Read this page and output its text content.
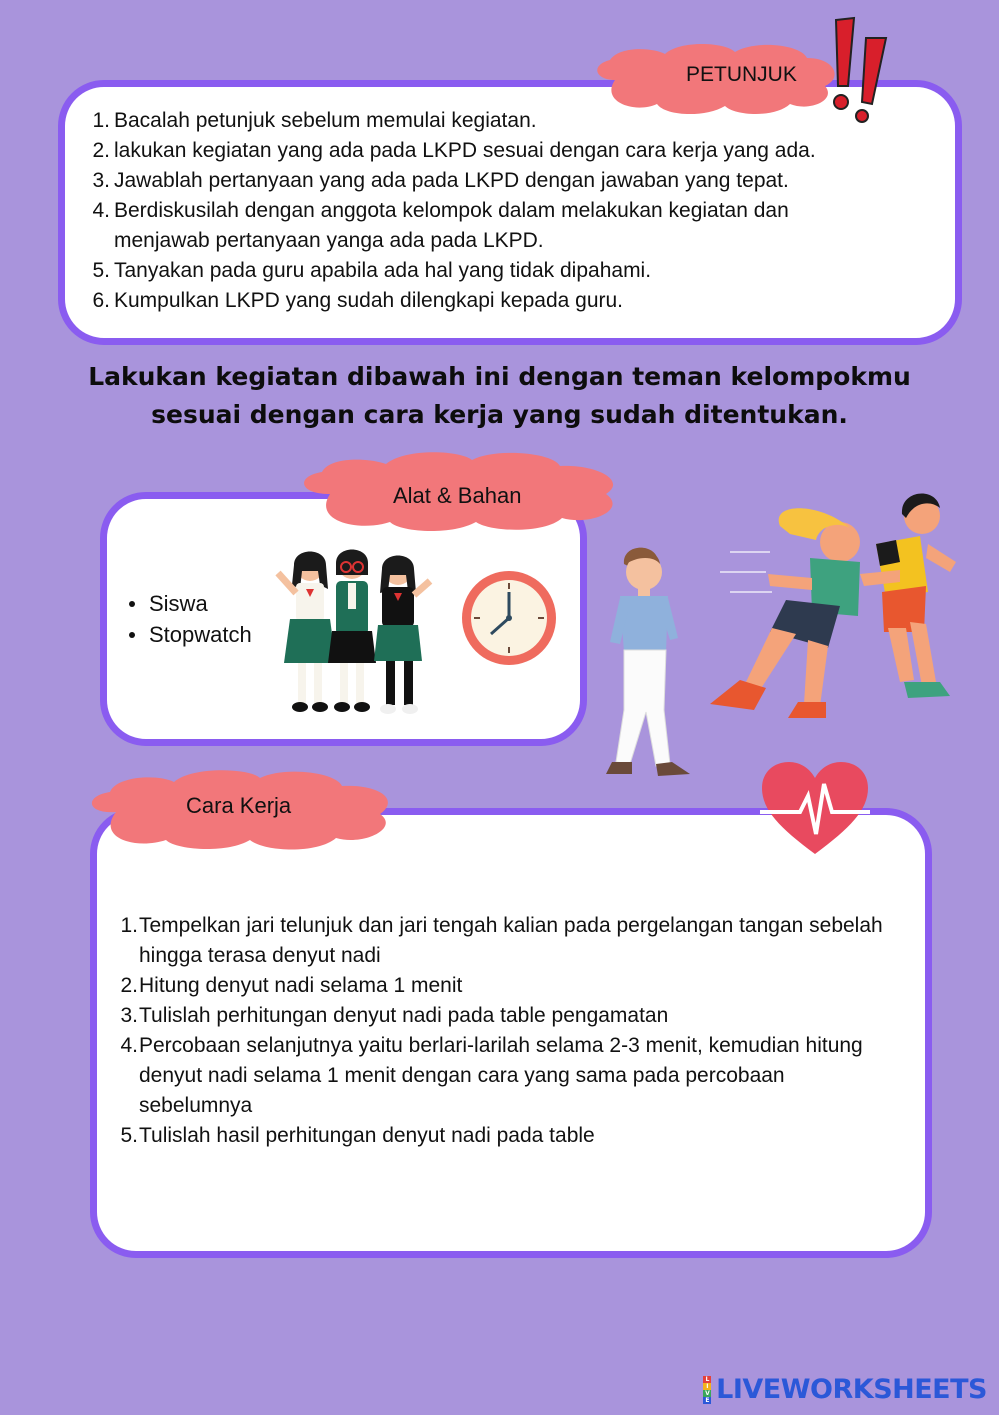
PETUNJUK
1. Bacalah petunjuk sebelum memulai kegiatan.
2. lakukan kegiatan yang ada pada LKPD sesuai dengan cara kerja yang ada.
3. Jawablah pertanyaan yang ada pada LKPD dengan jawaban yang tepat.
4. Berdiskusilah dengan anggota kelompok dalam melakukan kegiatan dan menjawab pertanyaan yanga ada pada LKPD.
5. Tanyakan pada guru apabila ada hal yang tidak dipahami.
6. Kumpulkan LKPD yang sudah dilengkapi kepada guru.
Lakukan kegiatan dibawah ini dengan teman kelompokmu
sesuai dengan cara kerja yang sudah ditentukan.
Alat & Bahan
Siswa
Stopwatch
Cara Kerja
1. Tempelkan jari telunjuk dan jari tengah kalian pada pergelangan tangan sebelah hingga terasa denyut nadi
2. Hitung denyut nadi selama 1 menit
3. Tulislah perhitungan denyut nadi pada table pengamatan
4. Percobaan selanjutnya yaitu berlari-larilah selama 2-3 menit, kemudian hitung denyut nadi selama 1 menit dengan cara yang sama pada percobaan sebelumnya
5. Tulislah hasil perhitungan denyut nadi pada table
L
I
V
E LIVEWORKSHEETS
